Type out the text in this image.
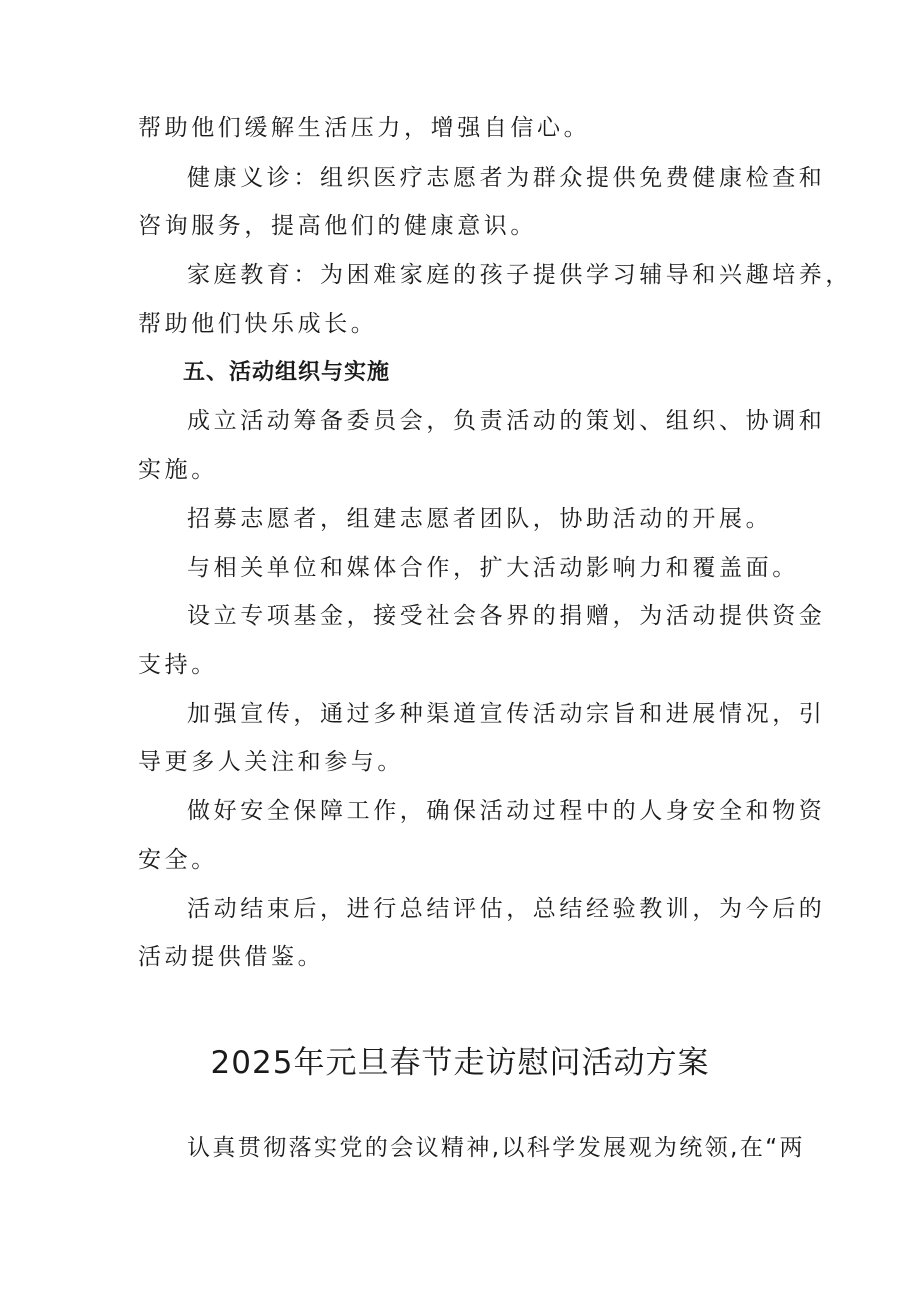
帮助他们缓解生活压力，增强自信心。
健康义诊：组织医疗志愿者为群众提供免费健康检查和
咨询服务，提高他们的健康意识。
家庭教育：为困难家庭的孩子提供学习辅导和兴趣培养，
帮助他们快乐成长。
五、活动组织与实施
成立活动筹备委员会，负责活动的策划、组织、协调和
实施。
招募志愿者，组建志愿者团队，协助活动的开展。
与相关单位和媒体合作，扩大活动影响力和覆盖面。
设立专项基金，接受社会各界的捐赠，为活动提供资金
支持。
加强宣传，通过多种渠道宣传活动宗旨和进展情况，引
导更多人关注和参与。
做好安全保障工作，确保活动过程中的人身安全和物资
安全。
活动结束后，进行总结评估，总结经验教训，为今后的
活动提供借鉴。
2025年元旦春节走访慰问活动方案
认真贯彻落实党的会议精神,以科学发展观为统领,在“两
